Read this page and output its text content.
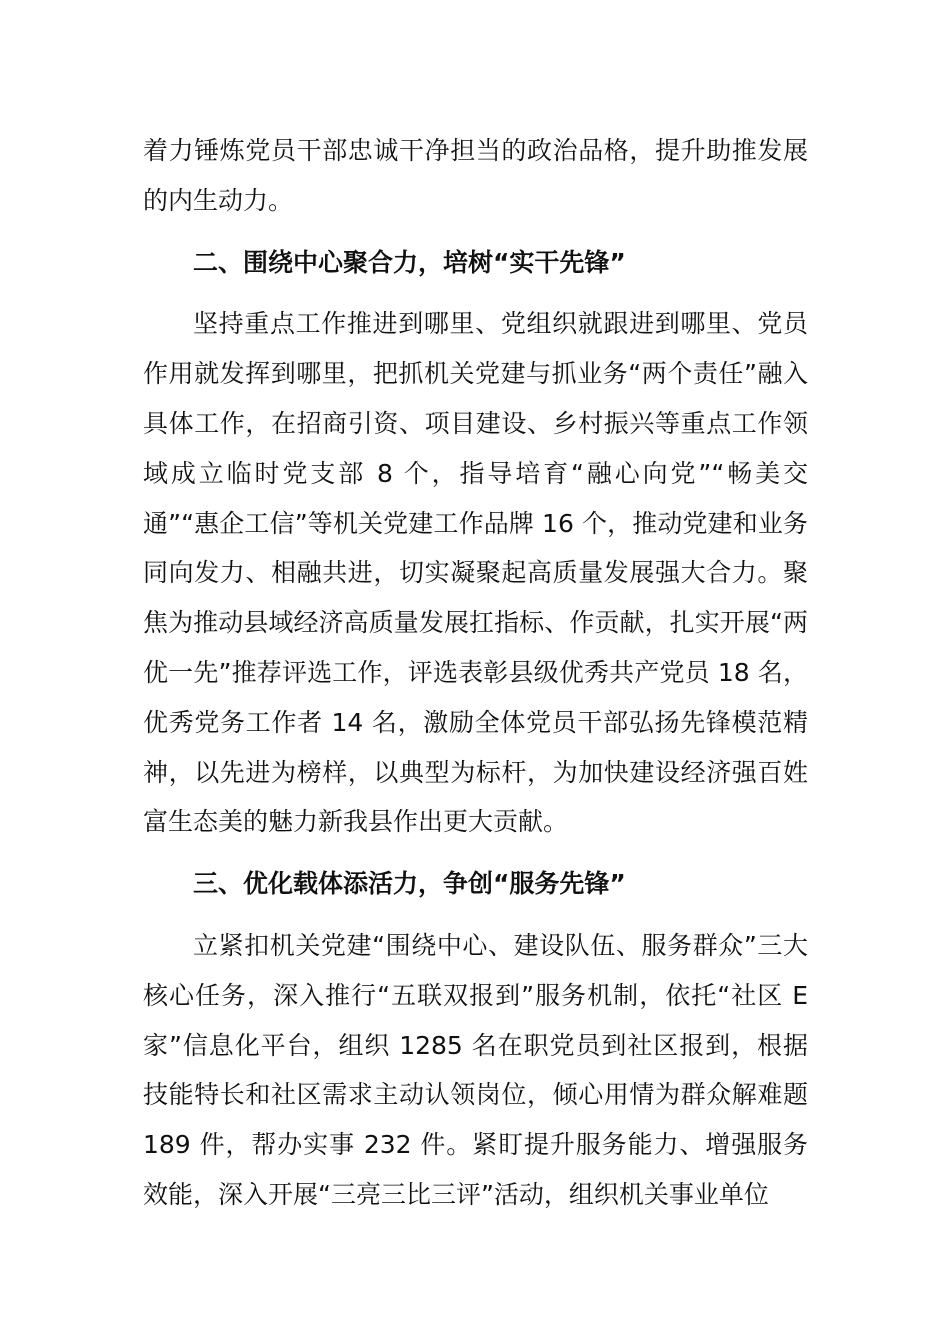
着力锤炼党员干部忠诚干净担当的政治品格，提升助推发展的内生动力。

二、围绕中心聚合力，培树“实干先锋”

坚持重点工作推进到哪里、党组织就跟进到哪里、党员作用就发挥到哪里，把抓机关党建与抓业务“两个责任”融入具体工作，在招商引资、项目建设、乡村振兴等重点工作领域成立临时党支部 8 个，指导培育“融心向党”“畅美交通”“惠企工信”等机关党建工作品牌 16 个，推动党建和业务同向发力、相融共进，切实凝聚起高质量发展强大合力。聚焦为推动县域经济高质量发展扛指标、作贡献，扎实开展“两优一先”推荐评选工作，评选表彰县级优秀共产党员 18 名，优秀党务工作者 14 名，激励全体党员干部弘扬先锋模范精神，以先进为榜样，以典型为标杆，为加快建设经济强百姓富生态美的魅力新我县作出更大贡献。

三、优化载体添活力，争创“服务先锋”

立紧扣机关党建“围绕中心、建设队伍、服务群众”三大核心任务，深入推行“五联双报到”服务机制，依托“社区 E 家”信息化平台，组织 1285 名在职党员到社区报到，根据技能特长和社区需求主动认领岗位，倾心用情为群众解难题 189 件，帮办实事 232 件。紧盯提升服务能力、增强服务效能，深入开展“三亮三比三评”活动，组织机关事业单位
